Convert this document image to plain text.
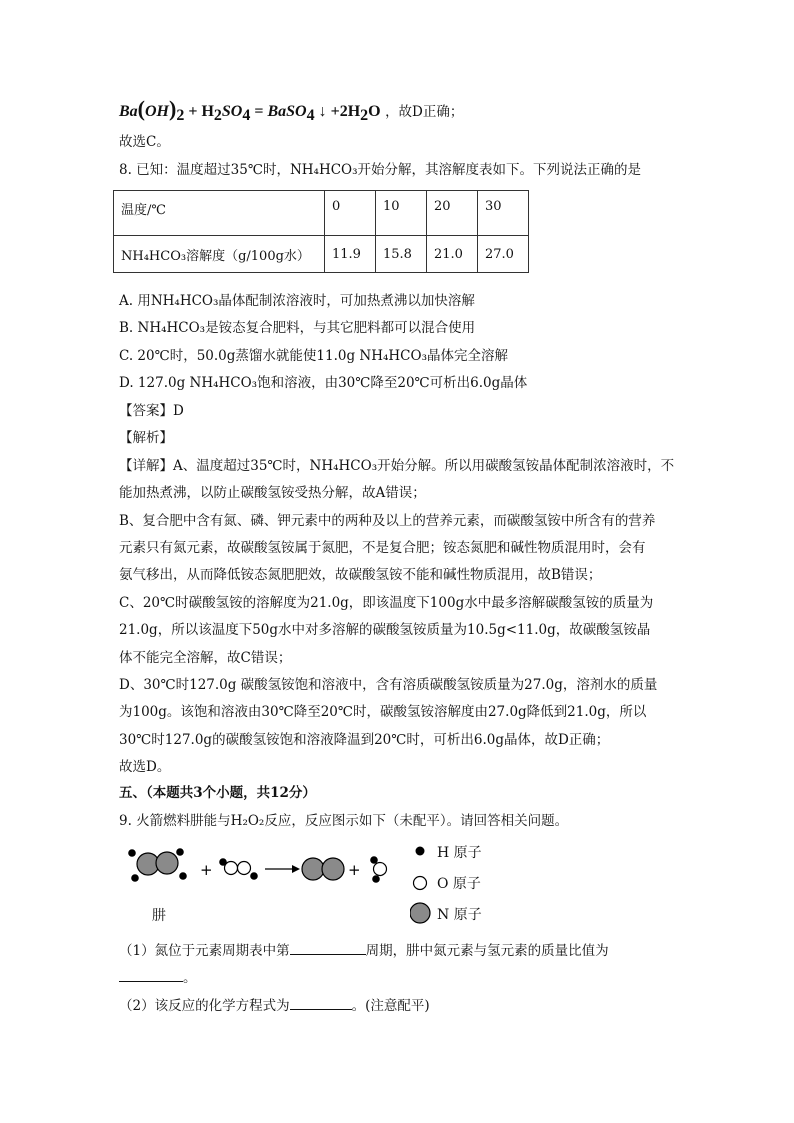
$Ba(OH)_2 + H_2SO_4$ = BaSO$_4$ ↓ $+2H_2O$ ，故D正确；
故选C。
8. 已知：温度超过35℃时，NH₄HCO₃开始分解，其溶解度表如下。下列说法正确的是
温度/℃	0	10	20	30
NH₄HCO₃溶解度（g/100g水）	11.9	15.8	21.0	27.0
A. 用NH₄HCO₃晶体配制浓溶液时，可加热煮沸以加快溶解
B. NH₄HCO₃是铵态复合肥料，与其它肥料都可以混合使用
C. 20℃时，50.0g蒸馏水就能使11.0g NH₄HCO₃晶体完全溶解
D. 127.0g NH₄HCO₃饱和溶液，由30℃降至20℃可析出6.0g晶体
【答案】D
【解析】
【详解】A、温度超过35℃时，NH₄HCO₃开始分解。所以用碳酸氢铵晶体配制浓溶液时，不
能加热煮沸，以防止碳酸氢铵受热分解，故A错误；
B、复合肥中含有氮、磷、钾元素中的两种及以上的营养元素，而碳酸氢铵中所含有的营养
元素只有氮元素，故碳酸氢铵属于氮肥，不是复合肥；铵态氮肥和碱性物质混用时，会有
氨气移出，从而降低铵态氮肥肥效，故碳酸氢铵不能和碱性物质混用，故B错误；
C、20℃时碳酸氢铵的溶解度为21.0g，即该温度下100g水中最多溶解碳酸氢铵的质量为
21.0g，所以该温度下50g水中对多溶解的碳酸氢铵质量为10.5g<11.0g，故碳酸氢铵晶
体不能完全溶解，故C错误；
D、30℃时127.0g 碳酸氢铵饱和溶液中，含有溶质碳酸氢铵质量为27.0g，溶剂水的质量
为100g。该饱和溶液由30℃降至20℃时，碳酸氢铵溶解度由27.0g降低到21.0g，所以
30℃时127.0g的碳酸氢铵饱和溶液降温到20℃时，可析出6.0g晶体，故D正确；
故选D。
五、（本题共3个小题，共12分）
9. 火箭燃料肼能与H₂O₂反应，反应图示如下（未配平）。请回答相关问题。
+	+
肼
H 原子
O 原子
N 原子
（1）氮位于元素周期表中第	周期，肼中氮元素与氢元素的质量比值为
。
（2）该反应的化学方程式为	。(注意配平)
